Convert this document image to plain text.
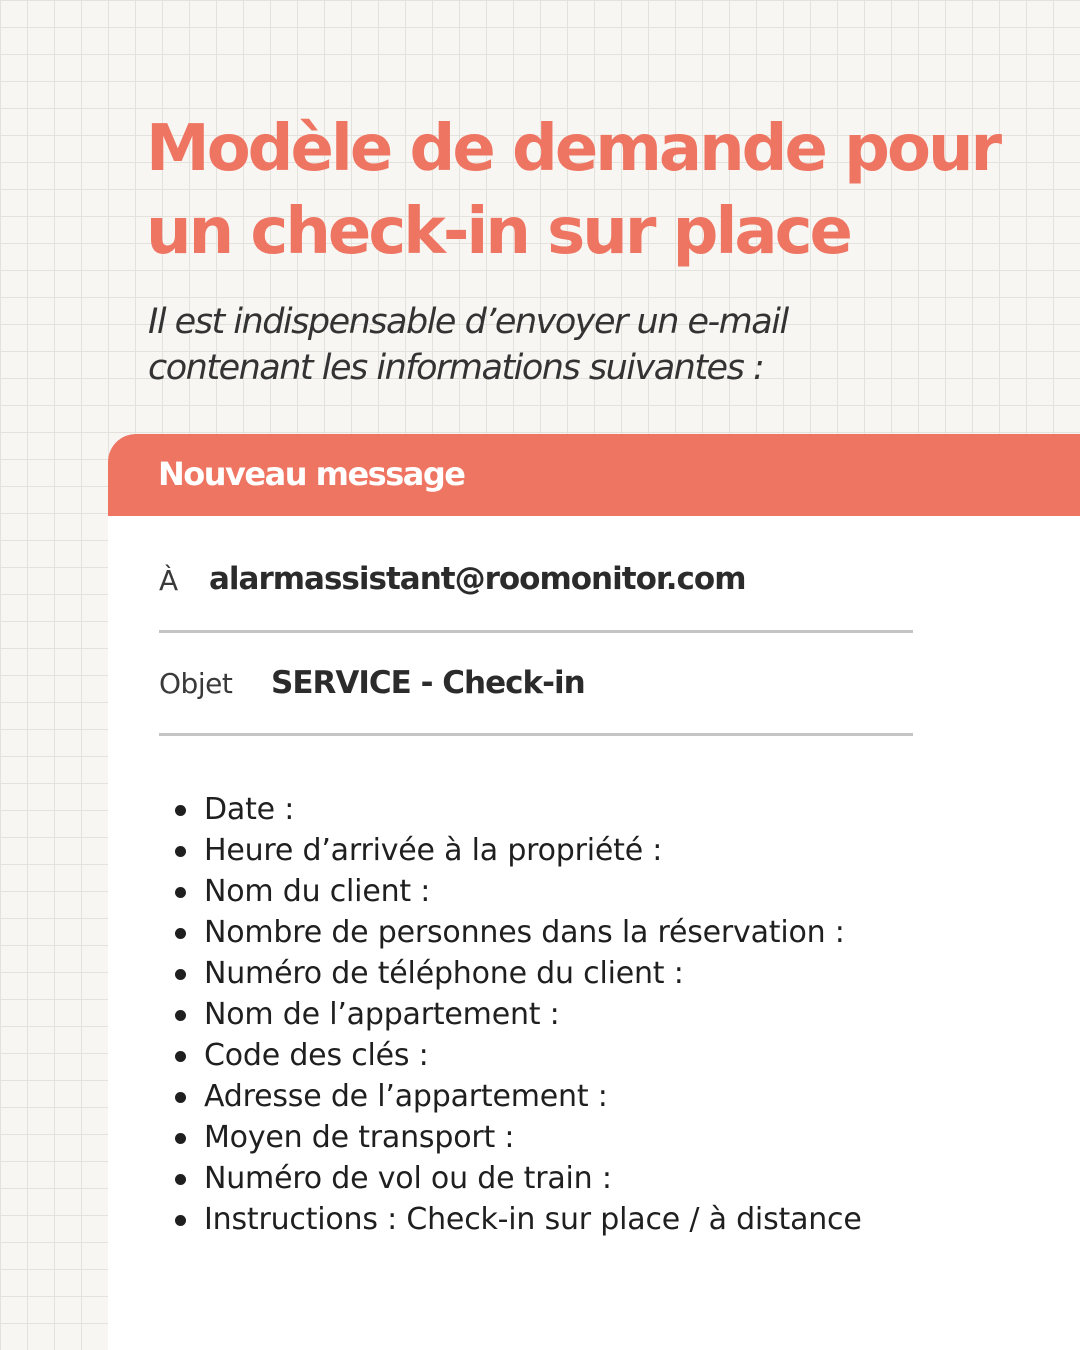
Modèle de demande pour
un check-in sur place

Il est indispensable d’envoyer un e-mail
contenant les informations suivantes :

Nouveau message
À alarmassistant@roomonitor.com
Objet SERVICE - Check-in
Date :
Heure d’arrivée à la propriété :
Nom du client :
Nombre de personnes dans la réservation :
Numéro de téléphone du client :
Nom de l’appartement :
Code des clés :
Adresse de l’appartement :
Moyen de transport :
Numéro de vol ou de train :
Instructions : Check-in sur place / à distance
